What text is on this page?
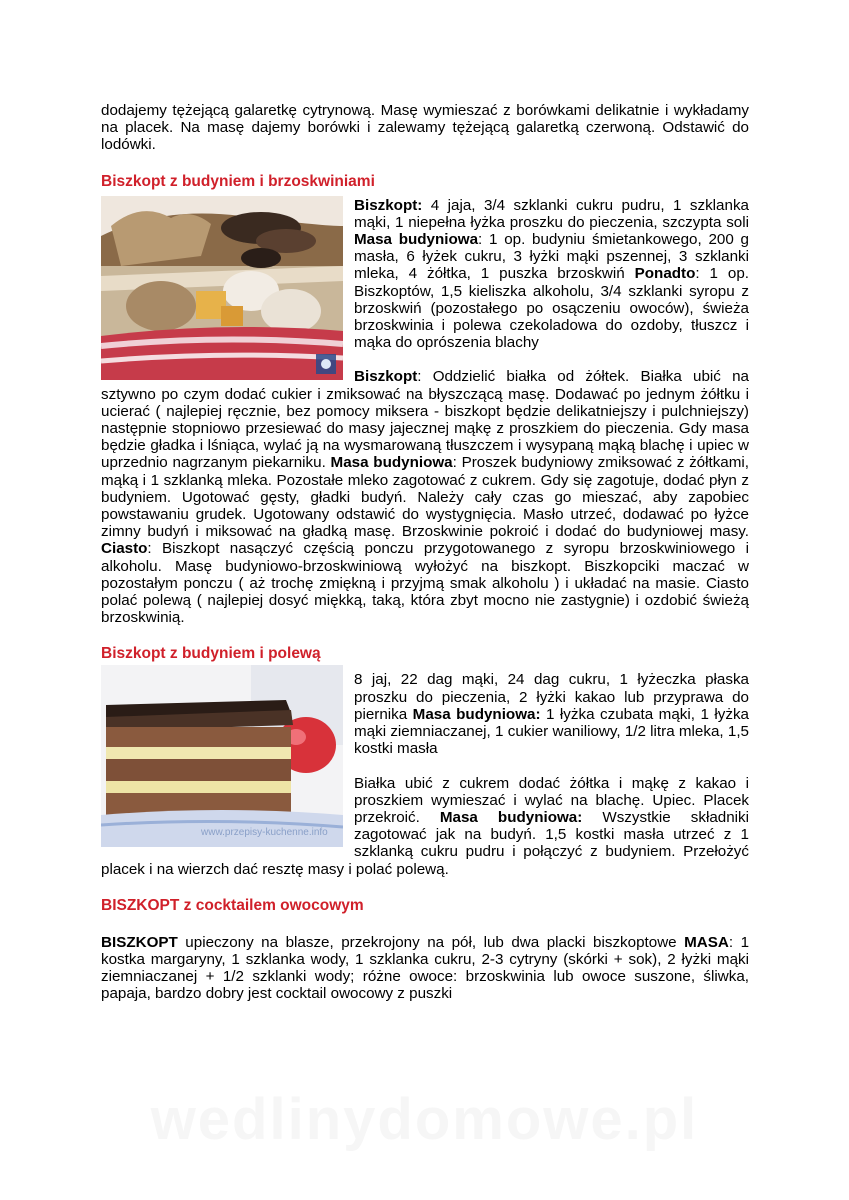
dodajemy tężejącą galaretkę cytrynową. Masę wymieszać z borówkami delikatnie i wykładamy na placek. Na masę dajemy borówki i zalewamy tężejącą galaretką czerwoną. Odstawić do lodówki.

Biszkopt z budyniem i brzoskwiniami

Biszkopt: 4 jaja, 3/4 szklanki cukru pudru, 1 szklanka mąki, 1 niepełna łyżka proszku do pieczenia, szczypta soli Masa budyniowa: 1 op. budyniu śmietankowego, 200 g masła, 6 łyżek cukru, 3 łyżki mąki pszennej, 3 szklanki mleka, 4 żółtka, 1 puszka brzoskwiń Ponadto: 1 op. Biszkoptów, 1,5 kieliszka alkoholu, 3/4 szklanki syropu z brzoskwiń (pozostałego po osączeniu owoców), świeża brzoskwinia i polewa czekoladowa do ozdoby, tłuszcz i mąka do oprószenia blachy

Biszkopt: Oddzielić białka od żółtek. Białka ubić na sztywno po czym dodać cukier i zmiksować na błyszczącą masę. Dodawać po jednym żółtku i ucierać ( najlepiej ręcznie, bez pomocy miksera - biszkopt będzie delikatniejszy i pulchniejszy) następnie stopniowo przesiewać do masy jajecznej mąkę z proszkiem do pieczenia. Gdy masa będzie gładka i lśniąca, wylać ją na wysmarowaną tłuszczem i wysypaną mąką blachę i upiec w uprzednio nagrzanym piekarniku. Masa budyniowa: Proszek budyniowy zmiksować z żółtkami, mąką i 1 szklanką mleka. Pozostałe mleko zagotować z cukrem. Gdy się zagotuje, dodać płyn z budyniem. Ugotować gęsty, gładki budyń. Należy cały czas go mieszać, aby zapobiec powstawaniu grudek. Ugotowany odstawić do wystygnięcia. Masło utrzeć, dodawać po łyżce zimny budyń i miksować na gładką masę. Brzoskwinie pokroić i dodać do budyniowej masy. Ciasto: Biszkopt nasączyć częścią ponczu przygotowanego z syropu brzoskwiniowego i alkoholu. Masę budyniowo-brzoskwiniową wyłożyć na biszkopt. Biszkopciki maczać w pozostałym ponczu ( aż trochę zmiękną i przyjmą smak alkoholu ) i układać na masie. Ciasto polać polewą ( najlepiej dosyć miękką, taką, która zbyt mocno nie zastygnie) i ozdobić świeżą brzoskwinią.

Biszkopt z budyniem i polewą
www.przepisy-kuchenne.info

8 jaj, 22 dag mąki, 24 dag cukru, 1 łyżeczka płaska proszku do pieczenia, 2 łyżki kakao lub przyprawa do piernika Masa budyniowa: 1 łyżka czubata mąki, 1 łyżka mąki ziemniaczanej, 1 cukier waniliowy, 1/2 litra mleka, 1,5 kostki masła

Białka ubić z cukrem dodać żółtka i mąkę z kakao i proszkiem wymieszać i wylać na blachę. Upiec. Placek przekroić. Masa budyniowa: Wszystkie składniki zagotować jak na budyń. 1,5 kostki masła utrzeć z 1 szklanką cukru pudru i połączyć z budyniem. Przełożyć placek i na wierzch dać resztę masy i polać polewą.

BISZKOPT z cocktailem owocowym

BISZKOPT upieczony na blasze, przekrojony na pół, lub dwa placki biszkoptowe MASA: 1 kostka margaryny, 1 szklanka wody, 1 szklanka cukru, 2-3 cytryny (skórki + sok), 2 łyżki mąki ziemniaczanej + 1/2 szklanki wody; różne owoce: brzoskwinia lub owoce suszone, śliwka, papaja, bardzo dobry jest cocktail owocowy z puszki

wedlinydomowe.pl
